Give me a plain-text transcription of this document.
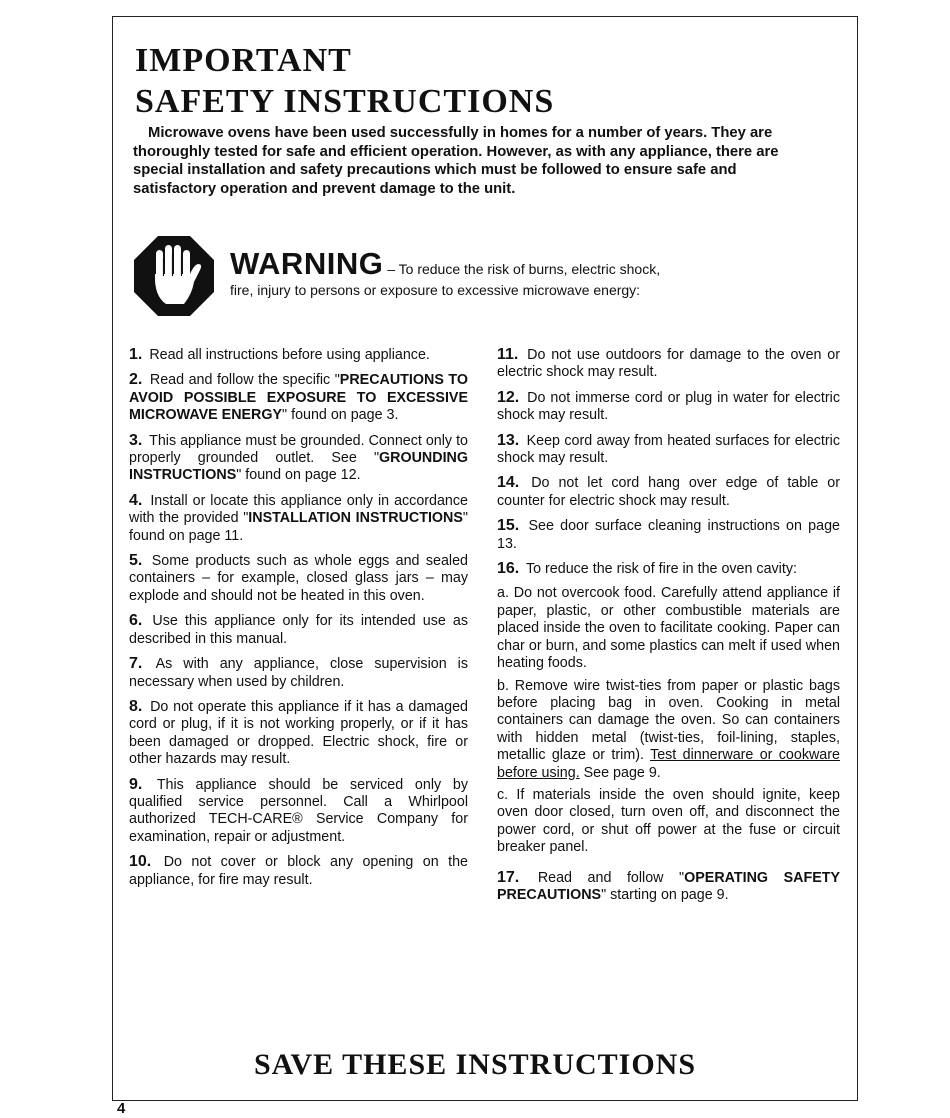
IMPORTANT
SAFETY INSTRUCTIONS

Microwave ovens have been used successfully in homes for a number of years. They are thoroughly tested for safe and efficient operation. However, as with any appliance, there are special installation and safety precautions which must be followed to ensure safe and satisfactory operation and prevent damage to the unit.

WARNING – To reduce the risk of burns, electric shock,
fire, injury to persons or exposure to excessive microwave energy:

1. Read all instructions before using appliance.

2. Read and follow the specific "PRECAUTIONS TO AVOID POSSIBLE EXPOSURE TO EXCESSIVE MICROWAVE ENERGY" found on page 3.

3. This appliance must be grounded. Connect only to properly grounded outlet. See "GROUNDING INSTRUCTIONS" found on page 12.

4. Install or locate this appliance only in accordance with the provided "INSTALLATION INSTRUCTIONS" found on page 11.

5. Some products such as whole eggs and sealed containers – for example, closed glass jars – may explode and should not be heated in this oven.

6. Use this appliance only for its intended use as described in this manual.

7. As with any appliance, close supervision is necessary when used by children.

8. Do not operate this appliance if it has a damaged cord or plug, if it is not working properly, or if it has been damaged or dropped. Electric shock, fire or other hazards may result.

9. This appliance should be serviced only by qualified service personnel. Call a Whirlpool authorized TECH-CARE® Service Company for examination, repair or adjustment.

10. Do not cover or block any opening on the appliance, for fire may result.

11. Do not use outdoors for damage to the oven or electric shock may result.

12. Do not immerse cord or plug in water for electric shock may result.

13. Keep cord away from heated surfaces for electric shock may result.

14. Do not let cord hang over edge of table or counter for electric shock may result.

15. See door surface cleaning instructions on page 13.

16. To reduce the risk of fire in the oven cavity:

a. Do not overcook food. Carefully attend appliance if paper, plastic, or other combustible materials are placed inside the oven to facilitate cooking. Paper can char or burn, and some plastics can melt if used when heating foods.

b. Remove wire twist-ties from paper or plastic bags before placing bag in oven. Cooking in metal containers can damage the oven. So can containers with hidden metal (twist-ties, foil-lining, staples, metallic glaze or trim). Test dinnerware or cookware before using. See page 9.

c. If materials inside the oven should ignite, keep oven door closed, turn oven off, and disconnect the power cord, or shut off power at the fuse or circuit breaker panel.

17. Read and follow "OPERATING SAFETY PRECAUTIONS" starting on page 9.

SAVE THESE INSTRUCTIONS
4
